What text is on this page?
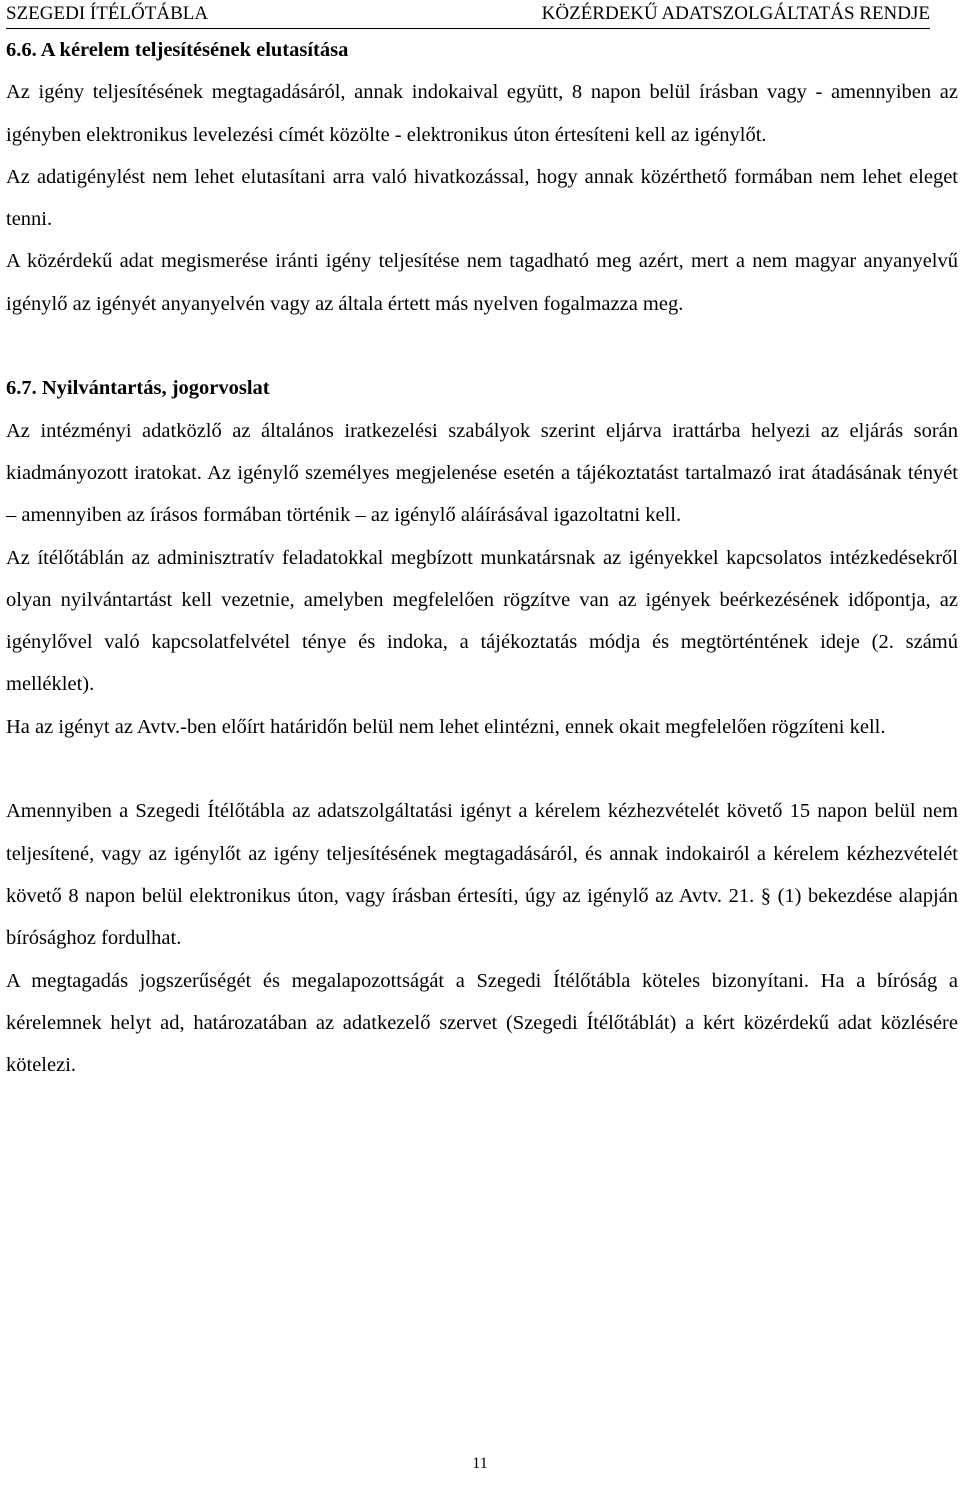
SZEGEDI ÍTÉLŐTÁBLA	KÖZÉRDEKŰ ADATSZOLGÁLTATÁS RENDJE
6.6. A kérelem teljesítésének elutasítása

Az igény teljesítésének megtagadásáról, annak indokaival együtt, 8 napon belül írásban vagy - amennyiben az igényben elektronikus levelezési címét közölte - elektronikus úton értesíteni kell az igénylőt.

Az adatigénylést nem lehet elutasítani arra való hivatkozással, hogy annak közérthető formában nem lehet eleget tenni.

A közérdekű adat megismerése iránti igény teljesítése nem tagadható meg azért, mert a nem magyar anyanyelvű igénylő az igényét anyanyelvén vagy az általa értett más nyelven fogalmazza meg.

6.7. Nyilvántartás, jogorvoslat

Az intézményi adatközlő az általános iratkezelési szabályok szerint eljárva irattárba helyezi az eljárás során kiadmányozott iratokat. Az igénylő személyes megjelenése esetén a tájékoztatást tartalmazó irat átadásának tényét – amennyiben az írásos formában történik – az igénylő aláírásával igazoltatni kell.

Az ítélőtáblán az adminisztratív feladatokkal megbízott munkatársnak az igényekkel kapcsolatos intézkedésekről olyan nyilvántartást kell vezetnie, amelyben megfelelően rögzítve van az igények beérkezésének időpontja, az igénylővel való kapcsolatfelvétel ténye és indoka, a tájékoztatás módja és megtörténtének ideje (2. számú melléklet).

Ha az igényt az Avtv.-ben előírt határidőn belül nem lehet elintézni, ennek okait megfelelően rögzíteni kell.

Amennyiben a Szegedi Ítélőtábla az adatszolgáltatási igényt a kérelem kézhezvételét követő 15 napon belül nem teljesítené, vagy az igénylőt az igény teljesítésének megtagadásáról, és annak indokairól a kérelem kézhezvételét követő 8 napon belül elektronikus úton, vagy írásban értesíti, úgy az igénylő az Avtv. 21. § (1) bekezdése alapján bírósághoz fordulhat.

A megtagadás jogszerűségét és megalapozottságát a Szegedi Ítélőtábla köteles bizonyítani. Ha a bíróság a kérelemnek helyt ad, határozatában az adatkezelő szervet (Szegedi Ítélőtáblát) a kért közérdekű adat közlésére kötelezi.

11
